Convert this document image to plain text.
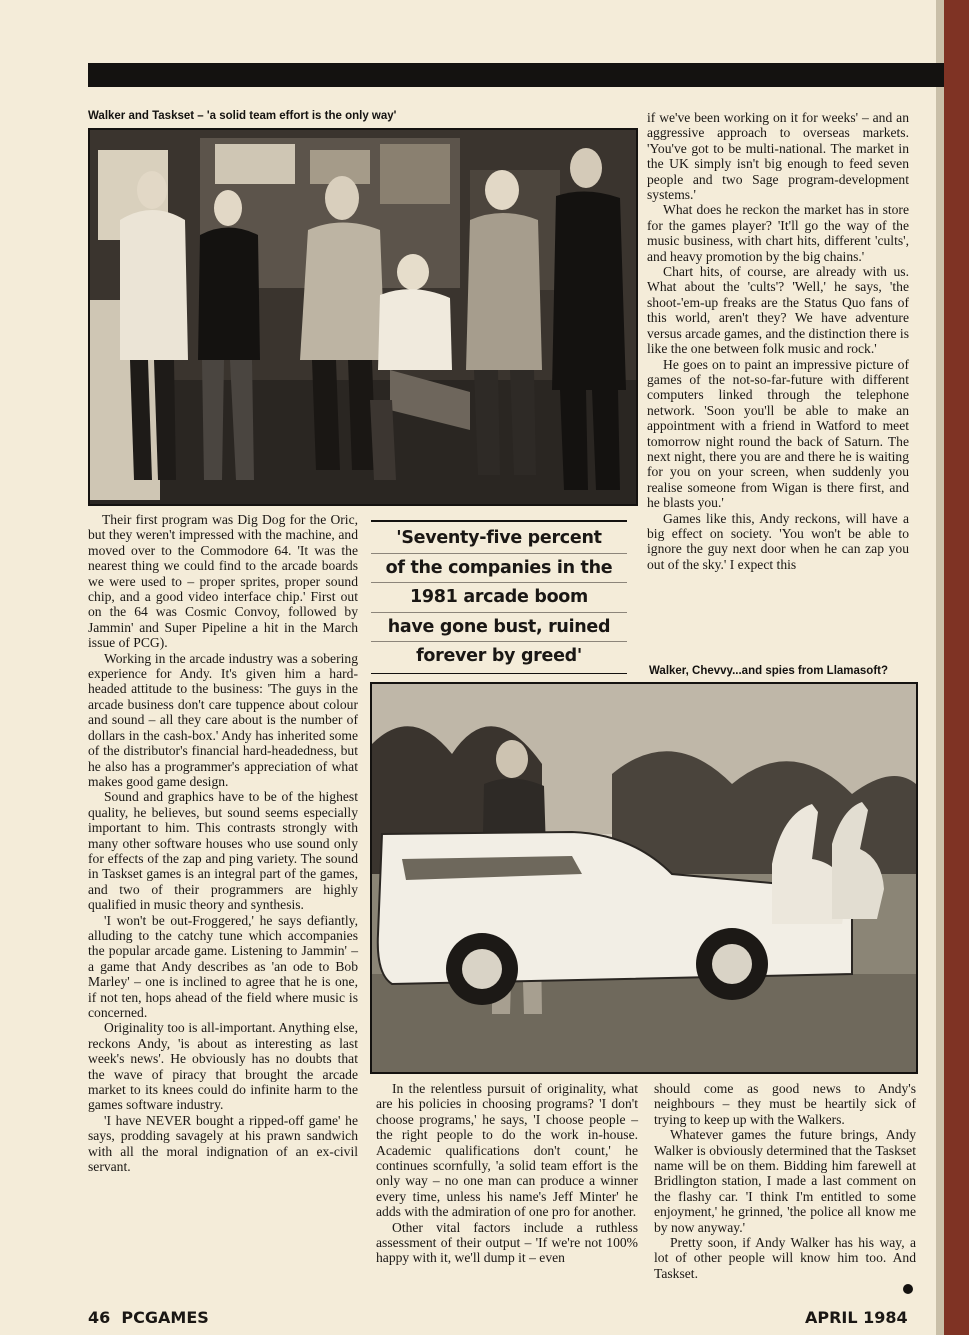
Walker and Taskset – 'a solid team effort is the only way'	if we've been working on it for weeks' – and an aggressive approach to overseas markets. 'You've got to be multi-national. The market in the UK simply isn't big enough to feed seven people and two Sage program-development systems.'

What does he reckon the market has in store for the games player? 'It'll go the way of the music business, with chart hits, different 'cults', and heavy promotion by the big chains.'

Chart hits, of course, are already with us. What about the 'cults'? 'Well,' he says, 'the shoot-'em-up freaks are the Status Quo fans of this world, aren't they? We have adventure versus arcade games, and the distinction there is like the one between folk music and rock.'

He goes on to paint an impressive picture of games of the not-so-far-future with different computers linked through the telephone network. 'Soon you'll be able to make an appointment with a friend in Watford to meet tomorrow night round the back of Saturn. The next night, there you are and there he is waiting for you on your screen, when suddenly you realise someone from Wigan is there first, and he blasts you.'

Games like this, Andy reckons, will have a big effect on society. 'You won't be able to ignore the guy next door when he can zap you out of the sky.' I expect this

'Seventy-five percent
of the companies in the
1981 arcade boom
have gone bust, ruined
forever by greed'

Their first program was Dig Dog for the Oric, but they weren't impressed with the machine, and moved over to the Commodore 64. 'It was the nearest thing we could find to the arcade boards we were used to – proper sprites, proper sound chip, and a good video interface chip.' First out on the 64 was Cosmic Convoy, followed by Jammin' and Super Pipeline a hit in the March issue of PCG).

Working in the arcade industry was a sobering experience for Andy. It's given him a hard-headed attitude to the business: 'The guys in the arcade business don't care tuppence about colour and sound – all they care about is the number of dollars in the cash-box.' Andy has inherited some of the distributor's financial hard-headedness, but he also has a programmer's appreciation of what makes good game design.

Sound and graphics have to be of the highest quality, he believes, but sound seems especially important to him. This contrasts strongly with many other software houses who use sound only for effects of the zap and ping variety. The sound in Taskset games is an integral part of the games, and two of their programmers are highly qualified in music theory and synthesis.

'I won't be out-Froggered,' he says defiantly, alluding to the catchy tune which accompanies the popular arcade game. Listening to Jammin' – a game that Andy describes as 'an ode to Bob Marley' – one is inclined to agree that he is one, if not ten, hops ahead of the field where music is concerned.

Originality too is all-important. Anything else, reckons Andy, 'is about as interesting as last week's news'. He obviously has no doubts that the wave of piracy that brought the arcade market to its knees could do infinite harm to the games software industry.

'I have NEVER bought a ripped-off game' he says, prodding savagely at his prawn sandwich with all the moral indignation of an ex-civil servant.

Walker, Chevvy...and spies from Llamasoft?

In the relentless pursuit of originality, what are his policies in choosing programs? 'I don't choose programs,' he says, 'I choose people – the right people to do the work in-house. Academic qualifications don't count,' he continues scornfully, 'a solid team effort is the only way – no one man can produce a winner every time, unless his name's Jeff Minter' he adds with the admiration of one pro for another.

Other vital factors include a ruthless assessment of their output – 'If we're not 100% happy with it, we'll dump it – even

should come as good news to Andy's neighbours – they must be heartily sick of trying to keep up with the Walkers.

Whatever games the future brings, Andy Walker is obviously determined that the Taskset name will be on them. Bidding him farewell at Bridlington station, I made a last comment on the flashy car. 'I think I'm entitled to some enjoyment,' he grinned, 'the police all know me by now anyway.'

Pretty soon, if Andy Walker has his way, a lot of other people will know him too. And Taskset.

46 PCGAMES	APRIL 1984
